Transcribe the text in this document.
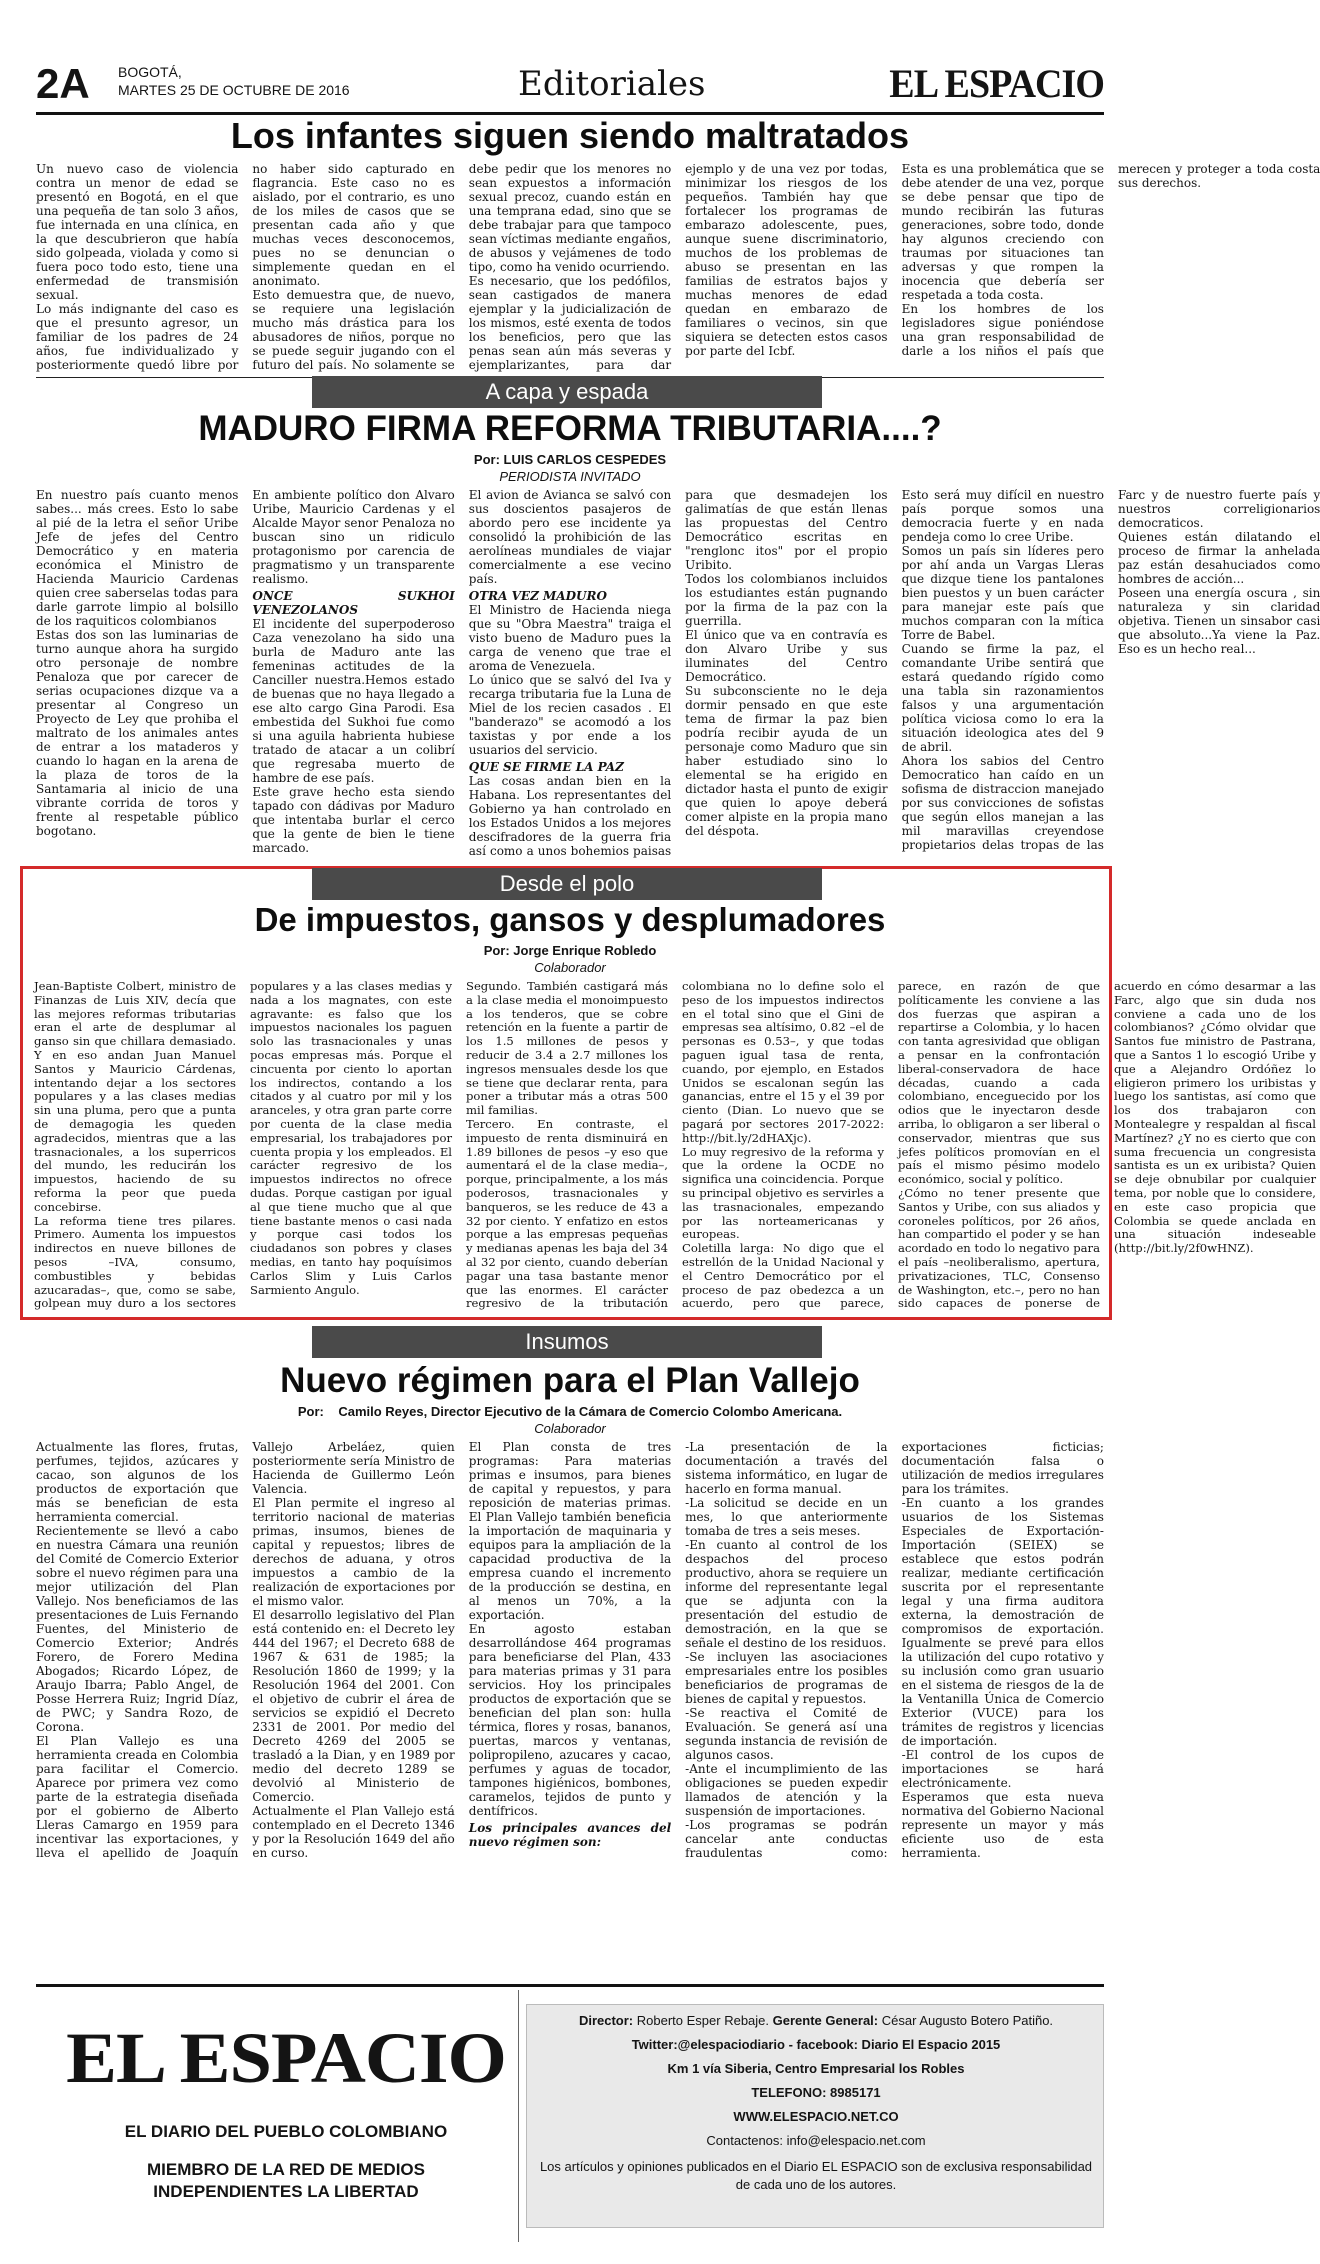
2A BOGOTÁ,
MARTES 25 DE OCTUBRE DE 2016	Editoriales	EL ESPACIO
Los infantes siguen siendo maltratados

Un nuevo caso de violencia contra un menor de edad se presentó en Bogotá, en el que una pequeña de tan solo 3 años, fue internada en una clínica, en la que descubrieron que había sido golpeada, violada y como si fuera poco todo esto, tiene una enfermedad de transmisión sexual.

Lo más indignante del caso es que el presunto agresor, un familiar de los padres de 24 años, fue individualizado y posteriormente quedó libre por no haber sido capturado en flagrancia. Este caso no es aislado, por el contrario, es uno de los miles de casos que se presentan cada año y que muchas veces desconocemos, pues no se denuncian o simplemente quedan en el anonimato.

Esto demuestra que, de nuevo, se requiere una legislación mucho más drástica para los abusadores de niños, porque no se puede seguir jugando con el futuro del país. No solamente se debe pedir que los menores no sean expuestos a información sexual precoz, cuando están en una temprana edad, sino que se debe trabajar para que tampoco sean víctimas mediante engaños, de abusos y vejámenes de todo tipo, como ha venido ocurriendo.

Es necesario, que los pedófilos, sean castigados de manera ejemplar y la judicialización de los mismos, esté exenta de todos los beneficios, pero que las penas sean aún más severas y ejemplarizantes, para dar ejemplo y de una vez por todas, minimizar los riesgos de los pequeños. También hay que fortalecer los programas de embarazo adolescente, pues, aunque suene discriminatorio, muchos de los problemas de abuso se presentan en las familias de estratos bajos y muchas menores de edad quedan en embarazo de familiares o vecinos, sin que siquiera se detecten estos casos por parte del Icbf.

Esta es una problemática que se debe atender de una vez, porque se debe pensar que tipo de mundo recibirán las futuras generaciones, sobre todo, donde hay algunos creciendo con traumas por situaciones tan adversas y que rompen la inocencia que debería ser respetada a toda costa.

En los hombres de los legisladores sigue poniéndose una gran responsabilidad de darle a los niños el país que merecen y proteger a toda costa sus derechos.

A capa y espada
MADURO FIRMA REFORMA TRIBUTARIA....?
Por: LUIS CARLOS CESPEDES
PERIODISTA INVITADO

En nuestro país cuanto menos sabes... más crees. Esto lo sabe al pié de la letra el señor Uribe Jefe de jefes del Centro Democrático y en materia económica el Ministro de Hacienda Mauricio Cardenas quien cree saberselas todas para darle garrote limpio al bolsillo de los raquiticos colombianos

Estas dos son las luminarias de turno aunque ahora ha surgido otro personaje de nombre Penaloza que por carecer de serias ocupaciones dizque va a presentar al Congreso un Proyecto de Ley que prohiba el maltrato de los animales antes de entrar a los mataderos y cuando lo hagan en la arena de la plaza de toros de la Santamaria al inicio de una vibrante corrida de toros y frente al respetable público bogotano.

En ambiente político don Alvaro Uribe, Mauricio Cardenas y el Alcalde Mayor senor Penaloza no buscan sino un ridiculo protagonismo por carencia de pragmatismo y un transparente realismo.

ONCE SUKHOI VENEZOLANOS

El incidente del superpoderoso Caza venezolano ha sido una burla de Maduro ante las femeninas actitudes de la Canciller nuestra.Hemos estado de buenas que no haya llegado a ese alto cargo Gina Parodi. Esa embestida del Sukhoi fue como si una aguila habrienta hubiese tratado de atacar a un colibrí que regresaba muerto de hambre de ese país.

Este grave hecho esta siendo tapado con dádivas por Maduro que intentaba burlar el cerco que la gente de bien le tiene marcado.

El avion de Avianca se salvó con sus doscientos pasajeros de abordo pero ese incidente ya consolidó la prohibición de las aerolíneas mundiales de viajar comercialmente a ese vecino país.

OTRA VEZ MADURO

El Ministro de Hacienda niega que su "Obra Maestra" traiga el visto bueno de Maduro pues la carga de veneno que trae el aroma de Venezuela.

Lo único que se salvó del Iva y recarga tributaria fue la Luna de Miel de los recien casados . El "banderazo" se acomodó a los taxistas y por ende a los usuarios del servicio.

QUE SE FIRME LA PAZ

Las cosas andan bien en la Habana. Los representantes del Gobierno ya han controlado en los Estados Unidos a los mejores descifradores de la guerra fria así como a unos bohemios paisas para que desmadejen los galimatías de que están llenas las propuestas del Centro Democrático escritas en "renglonc itos" por el propio Uribito.

Todos los colombianos incluidos los estudiantes están pugnando por la firma de la paz con la guerrilla.

El único que va en contravía es don Alvaro Uribe y sus iluminates del Centro Democrático.

Su subconsciente no le deja dormir pensado en que este tema de firmar la paz bien podría recibir ayuda de un personaje como Maduro que sin haber estudiado sino lo elemental se ha erigido en dictador hasta el punto de exigir que quien lo apoye deberá comer alpiste en la propia mano del déspota.

Esto será muy difícil en nuestro país porque somos una democracia fuerte y en nada pendeja como lo cree Uribe.

Somos un país sin líderes pero por ahí anda un Vargas Lleras que dizque tiene los pantalones bien puestos y un buen carácter para manejar este país que muchos comparan con la mítica Torre de Babel.

Cuando se firme la paz, el comandante Uribe sentirá que estará quedando rígido como una tabla sin razonamientos falsos y una argumentación política viciosa como lo era la situación ideologica ates del 9 de abril.

Ahora los sabios del Centro Democratico han caído en un sofisma de distraccion manejado por sus convicciones de sofistas que según ellos manejan a las mil maravillas creyendose propietarios delas tropas de las Farc y de nuestro fuerte país y nuestros correligionarios democraticos.

Quienes están dilatando el proceso de firmar la anhelada paz están desahuciados como hombres de acción...

Poseen una energía oscura , sin naturaleza y sin claridad objetiva. Tienen un sinsabor casi que absoluto...Ya viene la Paz. Eso es un hecho real...

Desde el polo
De impuestos, gansos y desplumadores
Por: Jorge Enrique Robledo
Colaborador

Jean-Baptiste Colbert, ministro de Finanzas de Luis XIV, decía que las mejores reformas tributarias eran el arte de desplumar al ganso sin que chillara demasiado. Y en eso andan Juan Manuel Santos y Mauricio Cárdenas, intentando dejar a los sectores populares y a las clases medias sin una pluma, pero que a punta de demagogia les queden agradecidos, mientras que a las trasnacionales, a los superricos del mundo, les reducirán los impuestos, haciendo de su reforma la peor que pueda concebirse.

La reforma tiene tres pilares. Primero. Aumenta los impuestos indirectos en nueve billones de pesos –IVA, consumo, combustibles y bebidas azucaradas–, que, como se sabe, golpean muy duro a los sectores populares y a las clases medias y nada a los magnates, con este agravante: es falso que los impuestos nacionales los paguen solo las trasnacionales y unas pocas empresas más. Porque el cincuenta por ciento lo aportan los indirectos, contando a los citados y al cuatro por mil y los aranceles, y otra gran parte corre por cuenta de la clase media empresarial, los trabajadores por cuenta propia y los empleados. El carácter regresivo de los impuestos indirectos no ofrece dudas. Porque castigan por igual al que tiene mucho que al que tiene bastante menos o casi nada y porque casi todos los ciudadanos son pobres y clases medias, en tanto hay poquísimos Carlos Slim y Luis Carlos Sarmiento Angulo.

Segundo. También castigará más a la clase media el monoimpuesto a los tenderos, que se cobre retención en la fuente a partir de los 1.5 millones de pesos y reducir de 3.4 a 2.7 millones los ingresos mensuales desde los que se tiene que declarar renta, para poner a tributar más a otras 500 mil familias.

Tercero. En contraste, el impuesto de renta disminuirá en 1.89 billones de pesos –y eso que aumentará el de la clase media–, porque, principalmente, a los más poderosos, trasnacionales y banqueros, se les reduce de 43 a 32 por ciento. Y enfatizo en estos porque a las empresas pequeñas y medianas apenas les baja del 34 al 32 por ciento, cuando deberían pagar una tasa bastante menor que las enormes. El carácter regresivo de la tributación colombiana no lo define solo el peso de los impuestos indirectos en el total sino que el Gini de empresas sea altísimo, 0.82 –el de personas es 0.53–, y que todas paguen igual tasa de renta, cuando, por ejemplo, en Estados Unidos se escalonan según las ganancias, entre el 15 y el 39 por ciento (Dian. Lo nuevo que se pagará por sectores 2017-2022: http://bit.ly/2dHAXjc).

Lo muy regresivo de la reforma y que la ordene la OCDE no significa una coincidencia. Porque su principal objetivo es servirles a las trasnacionales, empezando por las norteamericanas y europeas.

Coletilla larga: No digo que el estrellón de la Unidad Nacional y el Centro Democrático por el proceso de paz obedezca a un acuerdo, pero que parece, parece, en razón de que políticamente les conviene a las dos fuerzas que aspiran a repartirse a Colombia, y lo hacen con tanta agresividad que obligan a pensar en la confrontación liberal-conservadora de hace décadas, cuando a cada colombiano, enceguecido por los odios que le inyectaron desde arriba, lo obligaron a ser liberal o conservador, mientras que sus jefes políticos promovían en el país el mismo pésimo modelo económico, social y político.

¿Cómo no tener presente que Santos y Uribe, con sus aliados y coroneles políticos, por 26 años, han compartido el poder y se han acordado en todo lo negativo para el país –neoliberalismo, apertura, privatizaciones, TLC, Consenso de Washington, etc.–, pero no han sido capaces de ponerse de acuerdo en cómo desarmar a las Farc, algo que sin duda nos conviene a cada uno de los colombianos? ¿Cómo olvidar que Santos fue ministro de Pastrana, que a Santos 1 lo escogió Uribe y que a Alejandro Ordóñez lo eligieron primero los uribistas y luego los santistas, así como que los dos trabajaron con Montealegre y respaldan al fiscal Martínez? ¿Y no es cierto que con suma frecuencia un congresista santista es un ex uribista? Quien se deje obnubilar por cualquier tema, por noble que lo considere, en este caso propicia que Colombia se quede anclada en una situación indeseable (http://bit.ly/2f0wHNZ).

Insumos
Nuevo régimen para el Plan Vallejo
Por: Camilo Reyes, Director Ejecutivo de la Cámara de Comercio Colombo Americana.
Colaborador

Actualmente las flores, frutas, perfumes, tejidos, azúcares y cacao, son algunos de los productos de exportación que más se benefician de esta herramienta comercial.

Recientemente se llevó a cabo en nuestra Cámara una reunión del Comité de Comercio Exterior sobre el nuevo régimen para una mejor utilización del Plan Vallejo. Nos beneficiamos de las presentaciones de Luis Fernando Fuentes, del Ministerio de Comercio Exterior; Andrés Forero, de Forero Medina Abogados; Ricardo López, de Araujo Ibarra; Pablo Angel, de Posse Herrera Ruiz; Ingrid Díaz, de PWC; y Sandra Rozo, de Corona.

El Plan Vallejo es una herramienta creada en Colombia para facilitar el Comercio. Aparece por primera vez como parte de la estrategia diseñada por el gobierno de Alberto Lleras Camargo en 1959 para incentivar las exportaciones, y lleva el apellido de Joaquín Vallejo Arbeláez, quien posteriormente sería Ministro de Hacienda de Guillermo León Valencia.

El Plan permite el ingreso al territorio nacional de materias primas, insumos, bienes de capital y repuestos; libres de derechos de aduana, y otros impuestos a cambio de la realización de exportaciones por el mismo valor.

El desarrollo legislativo del Plan está contenido en: el Decreto ley 444 del 1967; el Decreto 688 de 1967 & 631 de 1985; la Resolución 1860 de 1999; y la Resolución 1964 del 2001. Con el objetivo de cubrir el área de servicios se expidió el Decreto 2331 de 2001. Por medio del Decreto 4269 del 2005 se trasladó a la Dian, y en 1989 por medio del decreto 1289 se devolvió al Ministerio de Comercio.

Actualmente el Plan Vallejo está contemplado en el Decreto 1346 y por la Resolución 1649 del año en curso.

El Plan consta de tres programas: Para materias primas e insumos, para bienes de capital y repuestos, y para reposición de materias primas. El Plan Vallejo también beneficia la importación de maquinaria y equipos para la ampliación de la capacidad productiva de la empresa cuando el incremento de la producción se destina, en al menos un 70%, a la exportación.

En agosto estaban desarrollándose 464 programas para beneficiarse del Plan, 433 para materias primas y 31 para servicios. Hoy los principales productos de exportación que se benefician del plan son: hulla térmica, flores y rosas, bananos, puertas, marcos y ventanas, polipropileno, azucares y cacao, perfumes y aguas de tocador, tampones higiénicos, bombones, caramelos, tejidos de punto y dentífricos.

Los principales avances del nuevo régimen son:

-La presentación de la documentación a través del sistema informático, en lugar de hacerlo en forma manual.

-La solicitud se decide en un mes, lo que anteriormente tomaba de tres a seis meses.

-En cuanto al control de los despachos del proceso productivo, ahora se requiere un informe del representante legal que se adjunta con la presentación del estudio de demostración, en la que se señale el destino de los residuos.

-Se incluyen las asociaciones empresariales entre los posibles beneficiarios de programas de bienes de capital y repuestos.

-Se reactiva el Comité de Evaluación. Se generá así una segunda instancia de revisión de algunos casos.

-Ante el incumplimiento de las obligaciones se pueden expedir llamados de atención y la suspensión de importaciones.

-Los programas se podrán cancelar ante conductas fraudulentas como: exportaciones ficticias; documentación falsa o utilización de medios irregulares para los trámites.

-En cuanto a los grandes usuarios de los Sistemas Especiales de Exportación-Importación (SEIEX) se establece que estos podrán realizar, mediante certificación suscrita por el representante legal y una firma auditora externa, la demostración de compromisos de exportación. Igualmente se prevé para ellos la utilización del cupo rotativo y su inclusión como gran usuario en el sistema de riesgos de la de la Ventanilla Única de Comercio Exterior (VUCE) para los trámites de registros y licencias de importación.

-El control de los cupos de importaciones se hará electrónicamente.

Esperamos que esta nueva normativa del Gobierno Nacional represente un mayor y más eficiente uso de esta herramienta.

EL ESPACIO
EL DIARIO DEL PUEBLO COLOMBIANO
MIEMBRO DE LA RED DE MEDIOS
INDEPENDIENTES LA LIBERTAD
Director: Roberto Esper Rebaje. Gerente General: César Augusto Botero Patiño.
Twitter:@elespaciodiario - facebook: Diario El Espacio 2015
Km 1 vía Siberia, Centro Empresarial los Robles
TELEFONO: 8985171
WWW.ELESPACIO.NET.CO
Contactenos: info@elespacio.net.com
Los artículos y opiniones publicados en el Diario EL ESPACIO son de exclusiva responsabilidad
de cada uno de los autores.
